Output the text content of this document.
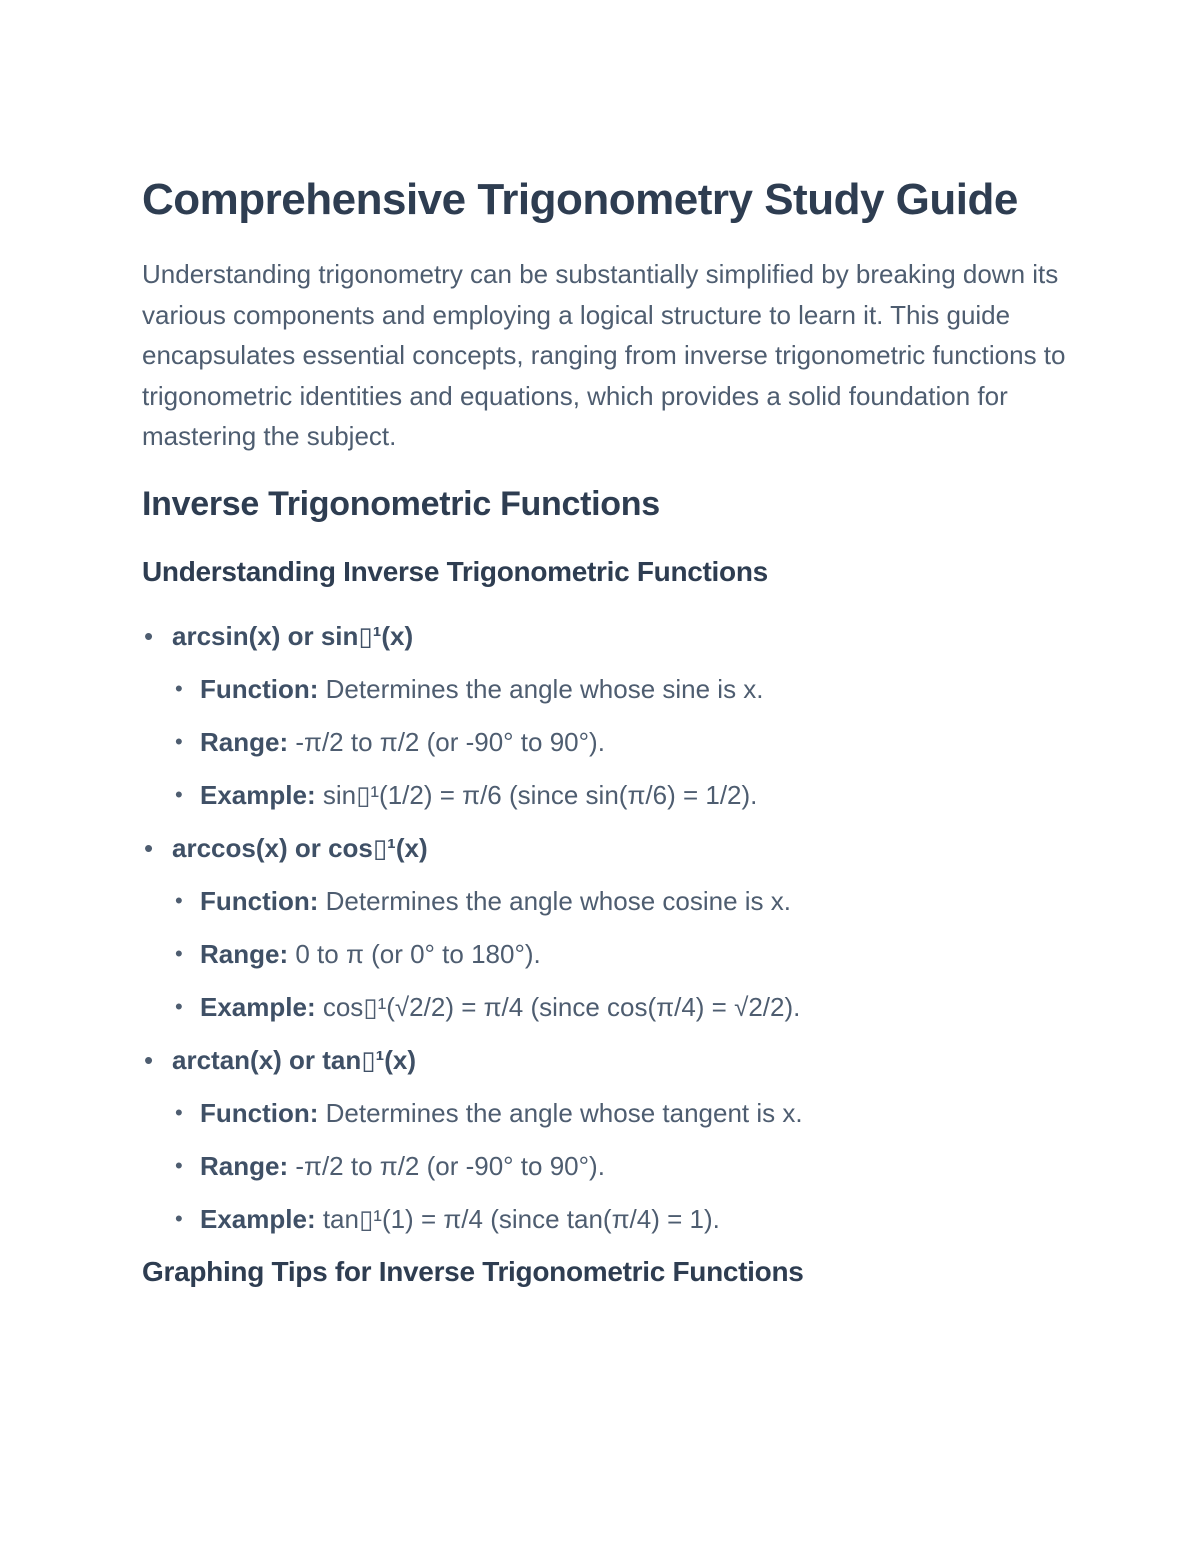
Comprehensive Trigonometry Study Guide

Understanding trigonometry can be substantially simplified by breaking down its various components and employing a logical structure to learn it. This guide encapsulates essential concepts, ranging from inverse trigonometric functions to trigonometric identities and equations, which provides a solid foundation for mastering the subject.

Inverse Trigonometric Functions
Understanding Inverse Trigonometric Functions
• arcsin(x) or sin▯¹(x)
• Function: Determines the angle whose sine is x.
• Range: -π/2 to π/2 (or -90° to 90°).
• Example: sin▯¹(1/2) = π/6 (since sin(π/6) = 1/2).
• arccos(x) or cos▯¹(x)
• Function: Determines the angle whose cosine is x.
• Range: 0 to π (or 0° to 180°).
• Example: cos▯¹(√2/2) = π/4 (since cos(π/4) = √2/2).
• arctan(x) or tan▯¹(x)
• Function: Determines the angle whose tangent is x.
• Range: -π/2 to π/2 (or -90° to 90°).
• Example: tan▯¹(1) = π/4 (since tan(π/4) = 1).
Graphing Tips for Inverse Trigonometric Functions
